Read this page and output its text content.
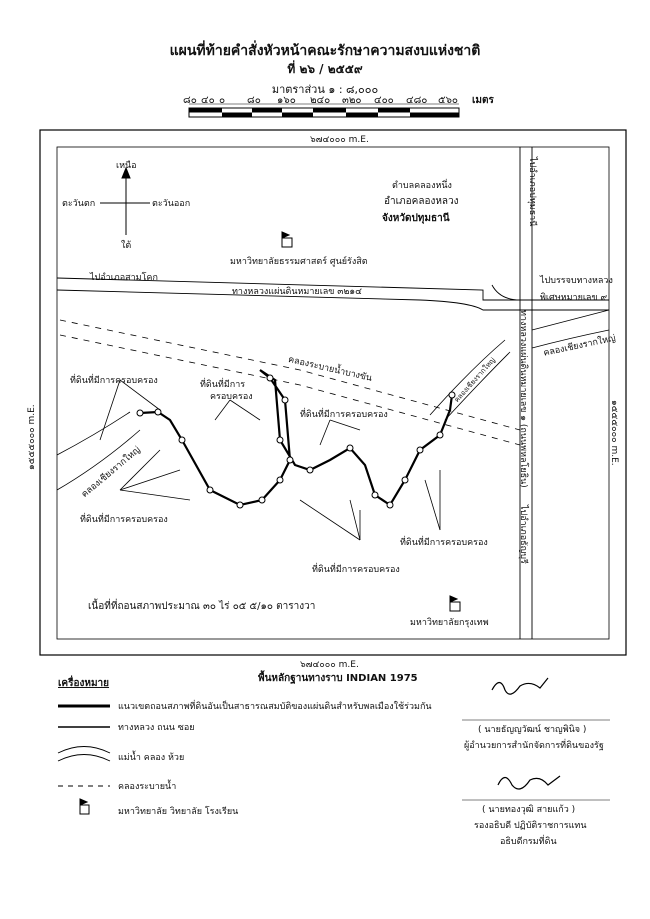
แผนที่ท้ายคำสั่งหัวหน้าคณะรักษาความสงบแห่งชาติ
ที่ ๒๖ / ๒๕๕๙
มาตราส่วน ๑ : ๘,๐๐๐
๘๐ ๔๐ ๐ ๘๐ ๑๖๐ ๒๔๐ ๓๒๐ ๔๐๐ ๔๘๐ ๕๖๐ เมตร
๖๗๔๐๐๐ m.E.
๖๗๔๐๐๐ m.E.
๑๕๕๕๐๐๐ m.E.	๑๕๕๕๐๐๐ m.E.
เหนือ
ใต้
ตะวันออก
ตะวันตก
ตำบลคลองหนึ่ง
อำเภอคลองหลวง
จังหวัดปทุมธานี
มหาวิทยาลัยธรรมศาสตร์ ศูนย์รังสิต
มหาวิทยาลัยกรุงเทพ
ไปอำเภอสามโคก
ทางหลวงแผ่นดินหมายเลข ๓๒๑๔
ไปอำเภอปทุมธานี
ไปบรรจบทางหลวง
พิเศษหมายเลข ๙
ทางหลวงแผ่นดินหมายเลข ๑ (ถนนพหลโยธิน)
ไปอำเภอธัญบุรี
คลองระบายน้ำบางขัน
คลองเชียงรากใหญ่
คลองเชียงรากใหญ่
คลองเชียงรากใหญ่
ที่ดินที่มีการครอบครอง	ที่ดินที่มีการ
ครอบครอง
ที่ดินที่มีการครอบครอง
ที่ดินที่มีการครอบครอง
ที่ดินที่มีการครอบครอง
ที่ดินที่มีการครอบครอง
เนื้อที่ที่ถอนสภาพประมาณ ๓๐ ไร่ ๐๕ ๕/๑๐ ตารางวา
พื้นหลักฐานทางราบ INDIAN 1975
เครื่องหมาย
แนวเขตถอนสภาพที่ดินอันเป็นสาธารณสมบัติของแผ่นดินสำหรับพลเมืองใช้ร่วมกัน
ทางหลวง ถนน ซอย
แม่น้ำ คลอง ห้วย
คลองระบายน้ำ
มหาวิทยาลัย วิทยาลัย โรงเรียน
( นายธัญญวัฒน์ ชาญพินิจ )
ผู้อำนวยการสำนักจัดการที่ดินของรัฐ
( นายทองวุฒิ สายแก้ว )
รองอธิบดี ปฏิบัติราชการแทน
อธิบดีกรมที่ดิน
